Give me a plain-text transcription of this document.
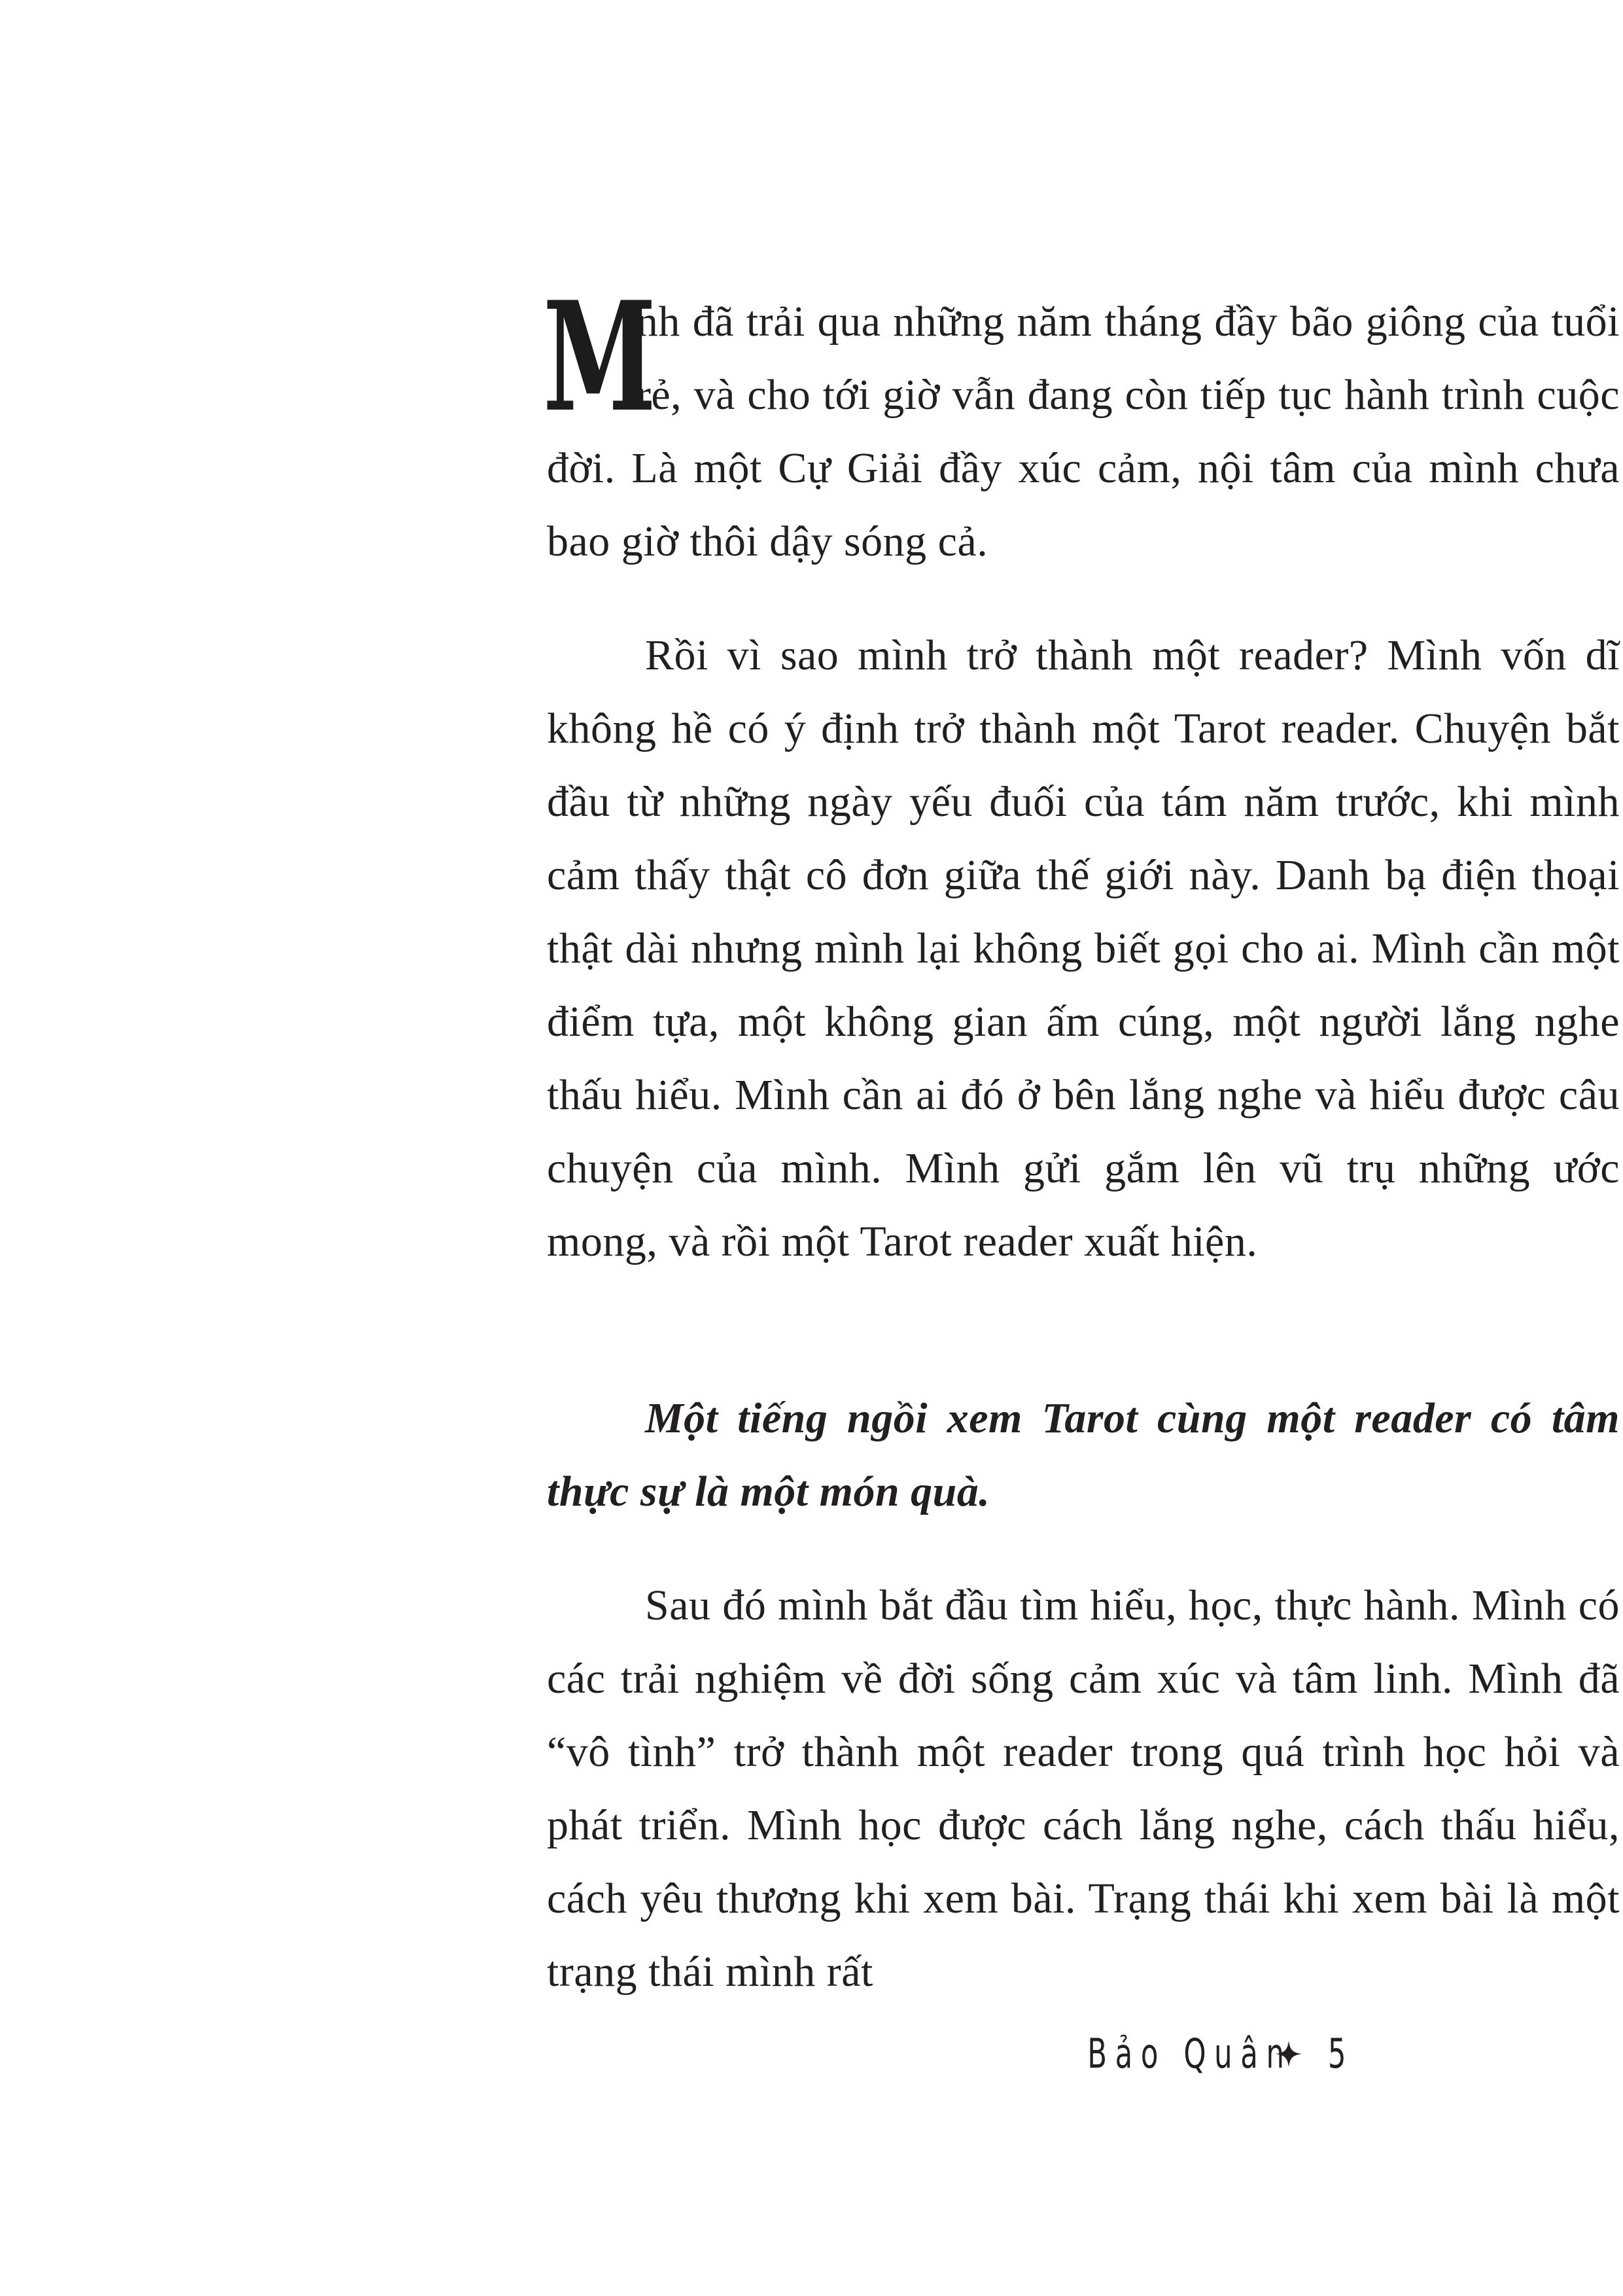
M
ình đã trải qua những năm tháng đầy bão giông của tuổi trẻ, và cho tới giờ vẫn đang còn tiếp tục hành trình cuộc đời. Là một Cự Giải đầy xúc cảm, nội tâm của mình chưa bao giờ thôi dậy sóng cả.

Rồi vì sao mình trở thành một reader? Mình vốn dĩ không hề có ý định trở thành một Tarot reader. Chuyện bắt đầu từ những ngày yếu đuối của tám năm trước, khi mình cảm thấy thật cô đơn giữa thế giới này. Danh bạ điện thoại thật dài nhưng mình lại không biết gọi cho ai. Mình cần một điểm tựa, một không gian ấm cúng, một người lắng nghe thấu hiểu. Mình cần ai đó ở bên lắng nghe và hiểu được câu chuyện của mình. Mình gửi gắm lên vũ trụ những ước mong, và rồi một Tarot reader xuất hiện.

Một tiếng ngồi xem Tarot cùng một reader có tâm thực sự là một món quà.

Sau đó mình bắt đầu tìm hiểu, học, thực hành. Mình có các trải nghiệm về đời sống cảm xúc và tâm linh. Mình đã “vô tình” trở thành một reader trong quá trình học hỏi và phát triển. Mình học được cách lắng nghe, cách thấu hiểu, cách yêu thương khi xem bài. Trạng thái khi xem bài là một trạng thái mình rất

Bảo Quân 5
